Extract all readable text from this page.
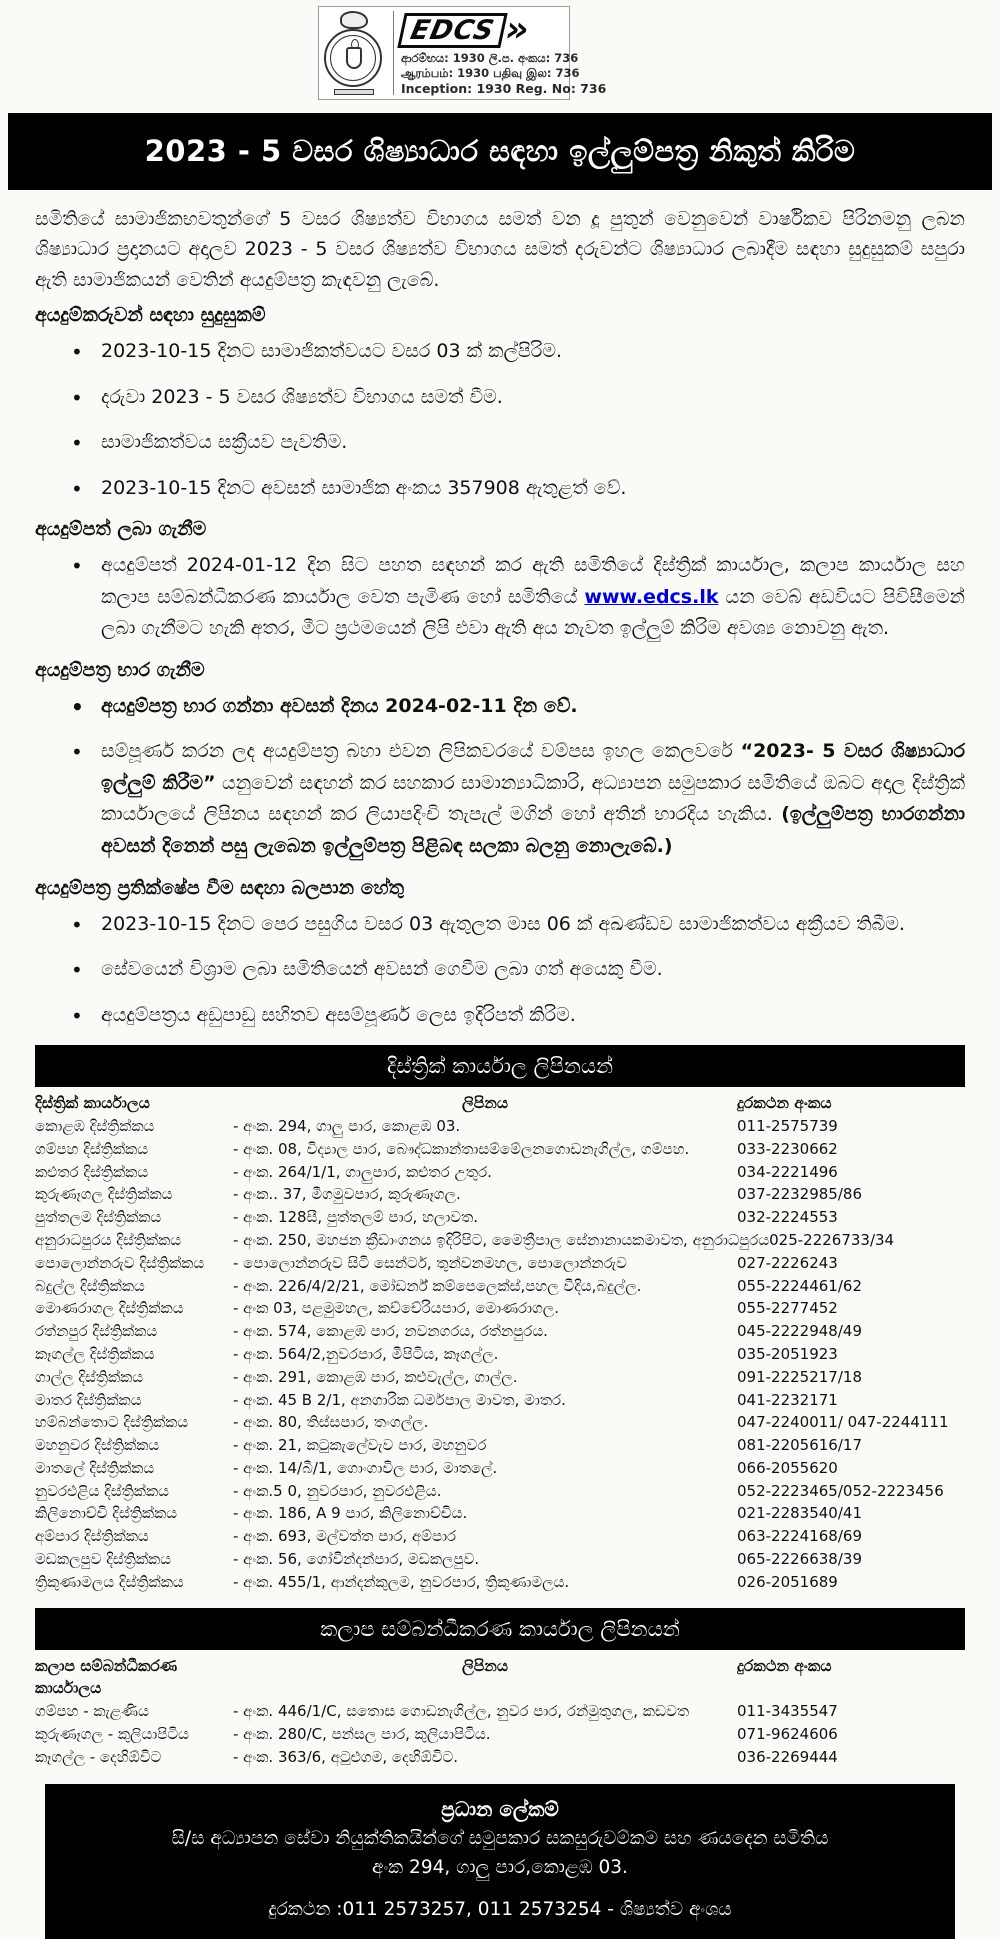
EDCS »
ආරම්භය: 1930 ලි.ප. අංකය: 736
ஆரம்பம்: 1930 பதிவு இல: 736
Inception: 1930 Reg. No: 736
2023 - 5 වසර ශිෂ්‍යාධාර සඳහා ඉල්ලුම්පත්‍ර නිකුත් කිරිම

සමිතියේ සාමාජිකභවතුන්ගේ 5 වසර ශිෂ්‍යත්ව විභාගය සමත් වන දූ පුතුන් වෙනුවෙන් වාර්ෂිකව පිරිනමනු ලබන ශිෂ්‍යාධාර ප්‍රදානයට අදාලව 2023 - 5 වසර ශිෂ්‍යත්ව විභාගය සමත් දරුවන්ට ශිෂ්‍යාධාර ලබාදීම සඳහා සුදුසුකම් සපුරා ඇති සාමාජිකයන් වෙතින් අයදුම්පත්‍ර කැඳවනු ලැබේ.

අයදුම්කරුවන් සඳහා සුදුසුකම්
• 2023-10-15 දිනට සාමාජිකත්වයට වසර 03 ක් කල්පිරිම.
• දරුවා 2023 - 5 වසර ශිෂ්‍යත්ව විභාගය සමත් වීම.
• සාමාජිකත්වය සක්‍රීයව පැවතිම.
• 2023-10-15 දිනට අවසන් සාමාජික අංකය 357908 ඇතුළත් වේ.
අයදුම්පත් ලබා ගැනීම
• අයදුම්පත් 2024-01-12 දින සිට පහත සඳහන් කර ඇති සමිතියේ දිස්ත්‍රික් කාර්යාල, කලාප කාර්යාල සහ කලාප සම්බන්ධීකරණ කාර්යාල වෙත පැමිණ හෝ සමිතියේ www.edcs.lk යන වෙබ් අඩවියට පිවිසීමෙන් ලබා ගැනීමට හැකි අතර, මීට ප්‍රථමයෙන් ලිපි එවා ඇති අය නැවත ඉල්ලුම් කිරිම අවශ්‍ය නොවනු ඇත.
අයදුම්පත්‍ර භාර ගැනීම
• අයදුම්පත්‍ර භාර ගන්නා අවසන් දිනය 2024-02-11 දින වේ.
• සම්පූර්ණ කරන ලද අයදුම්පත්‍ර බහා එවන ලිපිකවරයේ වම්පස ඉහල කෙලවරේ “2023- 5 වසර ශිෂ්‍යාධාර ඉල්ලුම් කිරීම” යනුවෙන් සඳහන් කර සහකාර සාමාන්‍යාධිකාරි, අධ්‍යාපන සමුපකාර සමිතියේ ඔබට අදාල දිස්ත්‍රික් කාර්යාලයේ ලිපිනය සඳහන් කර ලියාපදිංචි තැපැල් මගින් හෝ අතින් භාරදිය හැකිය. (ඉල්ලුම්පත්‍ර භාරගන්නා අවසන් දිනෙන් පසු ලැබෙන ඉල්ලුම්පත්‍ර පිළිබඳ සලකා බලනු නොලැබේ.)
අයදුම්පත්‍ර ප්‍රතික්ෂේප වීම සඳහා බලපාන හේතු
• 2023-10-15 දිනට පෙර පසුගිය වසර 03 ඇතුලත මාස 06 ක් අඛණ්ඩව සාමාජිකත්වය අක්‍රීයව තිබීම.
• සේවයෙන් විශ්‍රාම ලබා සමිතියෙන් අවසන් ගෙවීම ලබා ගත් අයෙකු වීම.
• අයදුම්පත්‍රය අඩුපාඩු සහිතව අසම්පූර්ණ ලෙස ඉදිරිපත් කිරිම.
දිස්ත්‍රික් කාර්යාල ලිපිනයන්
දිස්ත්‍රික් කාර්යාලය	ලිපිනය	දුරකථන අංකය
කොළඹ දිස්ත්‍රික්කය	- අංක. 294, ගාලු පාර, කොළඹ 03.	011-2575739
ගම්පහ දිස්ත්‍රික්කය	- අංක. 08, විද්‍යාල පාර, බෞද්ධකාන්තාසම්මේලනගොඩනැගිල්ල, ගම්පහ.	033-2230662
කළුතර දිස්ත්‍රික්කය	- අංක. 264/1/1, ගාලුපාර, කළුතර උතුර.	034-2221496
කුරුණෑගල දිස්ත්‍රික්කය	- අංක.. 37, මීගමුවපාර, කුරුණෑගල.	037-2232985/86
පුත්තලම දිස්ත්‍රික්කය	- අංක. 128සී, පුත්තලම් පාර, හලාවත.	032-2224553
අනුරාධපුරය දිස්ත්‍රික්කය	- අංක. 250, මහජන ක්‍රීඩාංගනය ඉදිරිපිට, මෛත්‍රීපාල සේනානායකමාවත, අනුරාධපුරය 025-2226733/34
පොලොන්නරුව දිස්ත්‍රික්කය	- පොලොන්නරුව සිටි සෙන්ටර්, තුන්වනමහල, පොලොන්නරුව	027-2226243
බදුල්ල දිස්ත්‍රික්කය	- අංක. 226/4/2/21, මෝඩර්න් කම්පෙලෙක්ස්,පහල වීදිය,බදුල්ල.	055-2224461/62
මොණරාගල දිස්ත්‍රික්කය	- අංක 03, පළමුමහල, කච්චේරියපාර, මොණරාගල.	055-2277452
රත්නපුර දිස්ත්‍රික්කය	- අංක. 574, කොළඹ පාර, නවනගරය, රත්නපුරය.	045-2222948/49
කෑගල්ල දිස්ත්‍රික්කය	- අංක. 564/2,නුවරපාර, මීපිටිය, කෑගල්ල.	035-2051923
ගාල්ල දිස්ත්‍රික්කය	- අංක. 291, කොළඹ පාර, කළුවැල්ල, ගාල්ල.	091-2225217/18
මාතර දිස්ත්‍රික්කය	- අංක. 45 B 2/1, අනගාරික ධර්මපාල මාවත, මාතර.	041-2232171
හම්බන්තොට දිස්ත්‍රික්කය	- අංක. 80, තිස්සපාර, තංගල්ල.	047-2240011/ 047-2244111
මහනුවර දිස්ත්‍රික්කය	- අංක. 21, කටුකැලේවැව පාර, මහනුවර	081-2205616/17
මාතලේ දිස්ත්‍රික්කය	- අංක. 14/බී/1, ගොංගාවිල පාර, මාතලේ.	066-2055620
නුවරඑළිය දිස්ත්‍රික්කය	- අංක.5 0, නුවරපාර, නුවරඑළිය.	052-2223465/052-2223456
කිලිනොච්චි දිස්ත්‍රික්කය	- අංක. 186, A 9 පාර, කිලිනොච්චිය.	021-2283540/41
අම්පාර දිස්ත්‍රික්කය	- අංක. 693, මල්වත්ත පාර, අම්පාර	063-2224168/69
මඩකලපුව දිස්ත්‍රික්කය	- අංක. 56, ගෝවින්දන්පාර, මඩකලපුව.	065-2226638/39
ත්‍රිකුණාමලය දිස්ත්‍රික්කය	- අංක. 455/1, ආන්දන්කුලම, නුවරපාර, ත්‍රිකුණාමලය.	026-2051689
කලාප සම්බන්ධීකරණ කාර්යාල ලිපිනයන්
කලාප සම්බන්ධීකරණ කාර්යාලය
ලිපිනය	දුරකථන අංකය
ගම්පහ - කැළණිය	- අංක. 446/1/C, සතොස ගොඩනැගිල්ල, නුවර පාර, රන්මුතුගල, කඩවත	011-3435547
කුරුණෑගල - කුලියාපිටිය	- අංක. 280/C, පන්සල පාර, කුලියාපිටිය.	071-9624606
කෑගල්ල - දෙහිඕවිට	- අංක. 363/6, අටුළුගම, දෙහිඕවිට.	036-2269444
ප්‍රධාන ලේකම්
සි/ස අධ්‍යාපන සේවා නියුක්තිකයින්ගේ සමුපකාර සකසුරුවම්කම සහ ණයදෙන සමිතිය
අංක 294, ගාලු පාර,කොළඹ 03.
දුරකථන :011 2573257, 011 2573254 - ශිෂ්‍යත්ව අංශය
